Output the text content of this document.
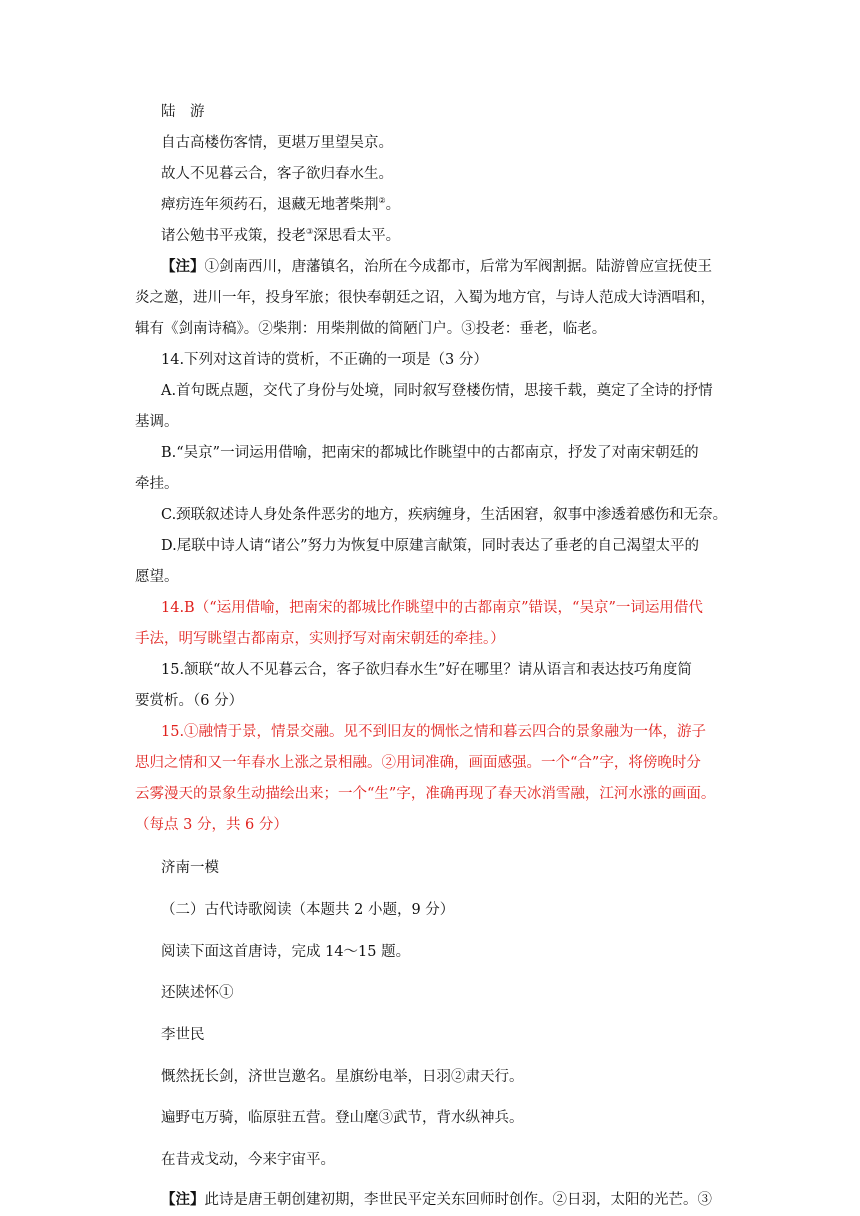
陆　游
自古高楼伤客情，更堪万里望吴京。
故人不见暮云合，客子欲归春水生。
瘴疠连年须药石，退藏无地著柴荆②。
诸公勉书平戎策，投老③深思看太平。
【注】①剑南西川，唐藩镇名，治所在今成都市，后常为军阀割据。陆游曾应宣抚使王
炎之邀，进川一年，投身军旅；很快奉朝廷之诏，入蜀为地方官，与诗人范成大诗酒唱和，
辑有《剑南诗稿》。②柴荆：用柴荆做的简陋门户。③投老：垂老，临老。
14.下列对这首诗的赏析，不正确的一项是（3 分）
A.首句既点题，交代了身份与处境，同时叙写登楼伤情，思接千载，奠定了全诗的抒情
基调。
B.“吴京”一词运用借喻，把南宋的都城比作眺望中的古都南京，抒发了对南宋朝廷的
牵挂。
C.颈联叙述诗人身处条件恶劣的地方，疾病缠身，生活困窘，叙事中渗透着感伤和无奈。
D.尾联中诗人请“诸公”努力为恢复中原建言献策，同时表达了垂老的自己渴望太平的
愿望。
14.B（“运用借喻，把南宋的都城比作眺望中的古都南京”错误，“吴京”一词运用借代
手法，明写眺望古都南京，实则抒写对南宋朝廷的牵挂。）
15.颔联“故人不见暮云合，客子欲归春水生”好在哪里？请从语言和表达技巧角度简
要赏析。（6 分）
15.①融情于景，情景交融。见不到旧友的惆怅之情和暮云四合的景象融为一体，游子
思归之情和又一年春水上涨之景相融。②用词准确，画面感强。一个“合”字，将傍晚时分
云雾漫天的景象生动描绘出来；一个“生”字，准确再现了春天冰消雪融，江河水涨的画面。
（每点 3 分，共 6 分）
济南一模
（二）古代诗歌阅读（本题共 2 小题，9 分）
阅读下面这首唐诗，完成 14～15 题。
还陕述怀①
李世民
慨然抚长剑，济世岂邀名。星旗纷电举，日羽②肃天行。
遍野屯万骑，临原驻五营。登山麾③武节，背水纵神兵。
在昔戎戈动，今来宇宙平。
【注】此诗是唐王朝创建初期，李世民平定关东回师时创作。②日羽，太阳的光芒。③
